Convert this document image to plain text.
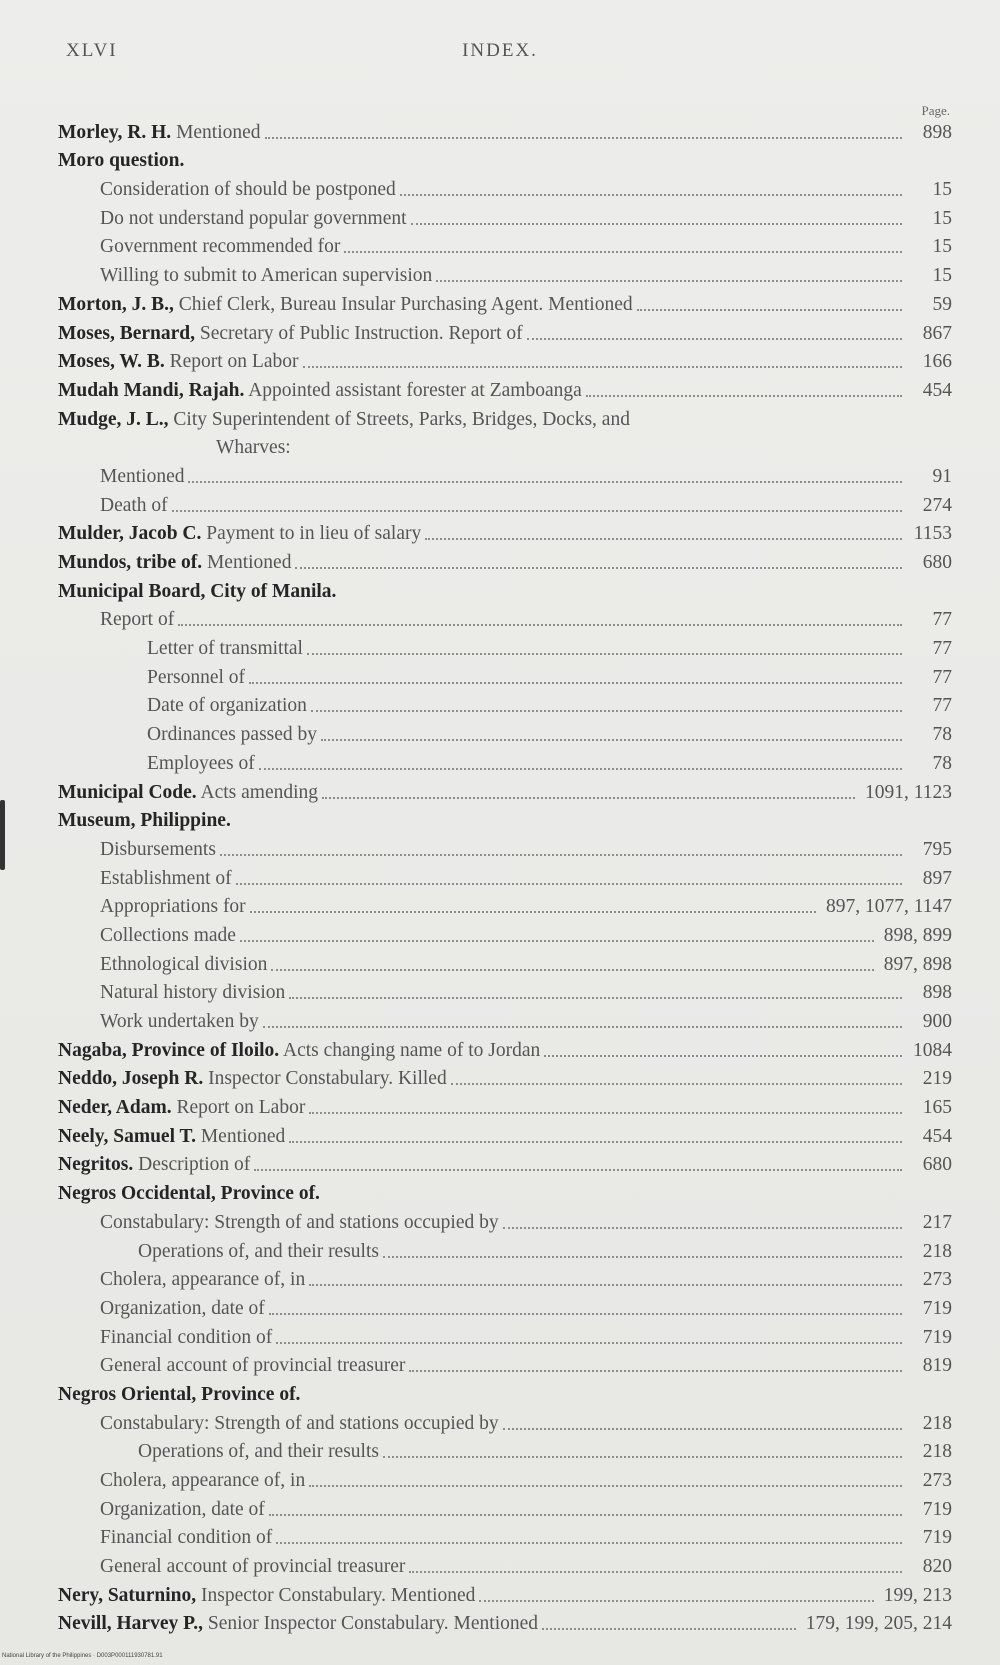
XLVI	INDEX.
Page.
Morley, R. H. Mentioned	898
Moro question.
Consideration of should be postponed	15
Do not understand popular government	15
Government recommended for	15
Willing to submit to American supervision	15
Morton, J. B., Chief Clerk, Bureau Insular Purchasing Agent. Mentioned	59
Moses, Bernard, Secretary of Public Instruction. Report of	867
Moses, W. B. Report on Labor	166
Mudah Mandi, Rajah. Appointed assistant forester at Zamboanga	454
Mudge, J. L., City Superintendent of Streets, Parks, Bridges, Docks, and
Wharves:
Mentioned	91
Death of	274
Mulder, Jacob C. Payment to in lieu of salary	1153
Mundos, tribe of. Mentioned	680
Municipal Board, City of Manila.
Report of	77
Letter of transmittal	77
Personnel of	77
Date of organization	77
Ordinances passed by	78
Employees of	78
Municipal Code. Acts amending	1091, 1123
Museum, Philippine.
Disbursements	795
Establishment of	897
Appropriations for	897, 1077, 1147
Collections made	898, 899
Ethnological division	897, 898
Natural history division	898
Work undertaken by	900
Nagaba, Province of Iloilo. Acts changing name of to Jordan	1084
Neddo, Joseph R. Inspector Constabulary. Killed	219
Neder, Adam. Report on Labor	165
Neely, Samuel T. Mentioned	454
Negritos. Description of	680
Negros Occidental, Province of.
Constabulary: Strength of and stations occupied by	217
Operations of, and their results	218
Cholera, appearance of, in	273
Organization, date of	719
Financial condition of	719
General account of provincial treasurer	819
Negros Oriental, Province of.
Constabulary: Strength of and stations occupied by	218
Operations of, and their results	218
Cholera, appearance of, in	273
Organization, date of	719
Financial condition of	719
General account of provincial treasurer	820
Nery, Saturnino, Inspector Constabulary. Mentioned	199, 213
Nevill, Harvey P., Senior Inspector Constabulary. Mentioned	179, 199, 205, 214
National Library of the Philippines · D003P000111930781.91
